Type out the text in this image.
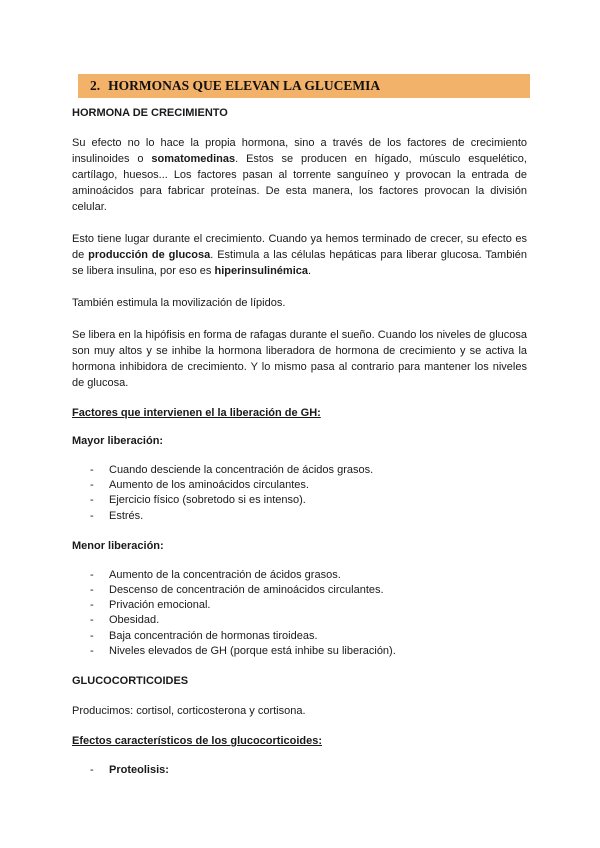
2. HORMONAS QUE ELEVAN LA GLUCEMIA

HORMONA DE CRECIMIENTO

Su efecto no lo hace la propia hormona, sino a través de los factores de crecimiento insulinoides o somatomedinas. Estos se producen en hígado, músculo esquelético, cartílago, huesos... Los factores pasan al torrente sanguíneo y provocan la entrada de aminoácidos para fabricar proteínas. De esta manera, los factores provocan la división celular.

Esto tiene lugar durante el crecimiento. Cuando ya hemos terminado de crecer, su efecto es de producción de glucosa. Estimula a las células hepáticas para liberar glucosa. También se libera insulina, por eso es hiperinsulinémica.

También estimula la movilización de lípidos.

Se libera en la hipófisis en forma de rafagas durante el sueño. Cuando los niveles de glucosa son muy altos y se inhibe la hormona liberadora de hormona de crecimiento y se activa la hormona inhibidora de crecimiento. Y lo mismo pasa al contrario para mantener los niveles de glucosa.

Factores que intervienen el la liberación de GH:

Mayor liberación:

- Cuando desciende la concentración de ácidos grasos.
- Aumento de los aminoácidos circulantes.
- Ejercicio físico (sobretodo si es intenso).
- Estrés.

Menor liberación:

- Aumento de la concentración de ácidos grasos.
- Descenso de concentración de aminoácidos circulantes.
- Privación emocional.
- Obesidad.
- Baja concentración de hormonas tiroideas.
- Niveles elevados de GH (porque está inhibe su liberación).

GLUCOCORTICOIDES

Producimos: cortisol, corticosterona y cortisona.

Efectos característicos de los glucocorticoides:

- Proteolisis:
